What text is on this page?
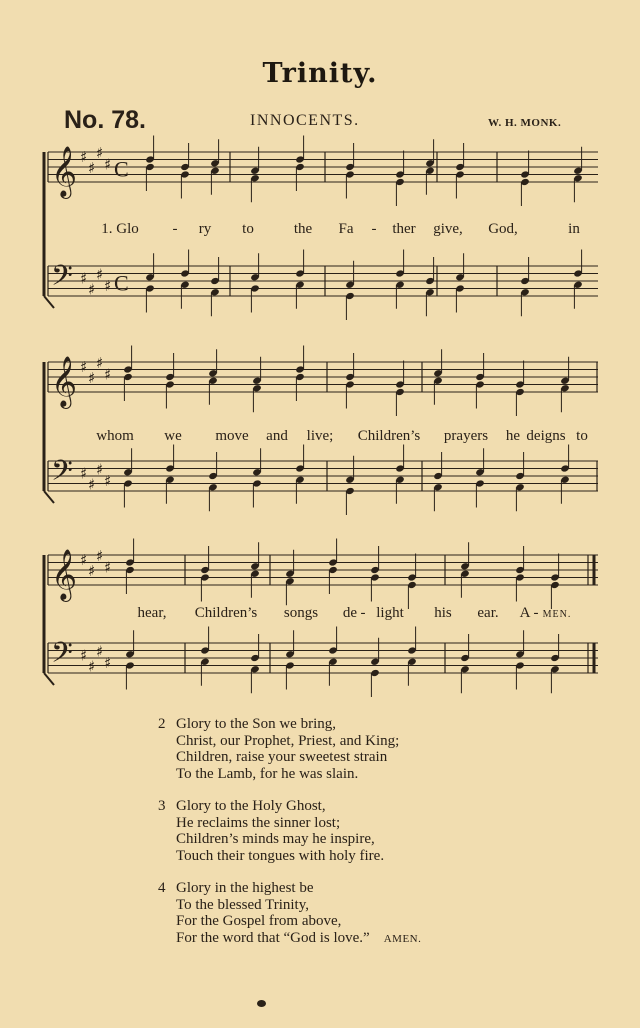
Trinity.
No. 78.	INNOCENTS.	W. H. MONK.
𝄞 ♯
♯
♯
♯ C
𝄢 ♯
♯
♯
♯ C
1. Glo - ry to	the Fa - ther give, God,	in
𝄞 ♯
♯
♯
♯
𝄢 ♯
♯
♯
♯
whom we move and live; Children’s prayers he deigns to
𝄞 ♯
♯
♯
♯
𝄢 ♯
♯
♯
♯
hear, Children’s songs de - light his ear. A - MEN.
2 Glory to the Son we bring,
Christ, our Prophet, Priest, and King;
Children, raise your sweetest strain
To the Lamb, for he was slain.
3 Glory to the Holy Ghost,
He reclaims the sinner lost;
Children’s minds may he inspire,
Touch their tongues with holy fire.
4 Glory in the highest be
To the blessed Trinity,
For the Gospel from above,
For the word that “God is love.” AMEN.
